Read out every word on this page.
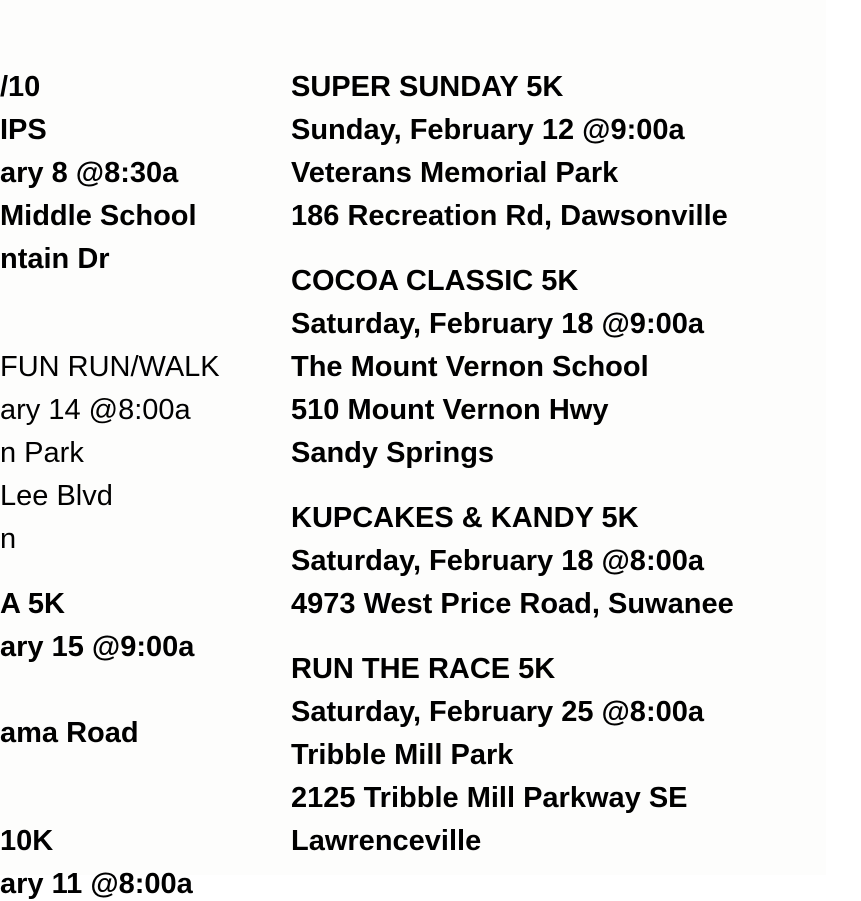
/10

IPS

ary 8 @8:30a

Middle School

ntain Dr

FUN RUN/WALK

ary 14 @8:00a

n Park

Lee Blvd

n

A 5K

ary 15 @9:00a

ama Road

10K

ary 11 @8:00a

SUPER SUNDAY 5K

Sunday, February 12 @9:00a

Veterans Memorial Park

186 Recreation Rd, Dawsonville

COCOA CLASSIC 5K

Saturday, February 18 @9:00a

The Mount Vernon School

510 Mount Vernon Hwy

Sandy Springs

KUPCAKES & KANDY 5K

Saturday, February 18 @8:00a

4973 West Price Road, Suwanee

RUN THE RACE 5K

Saturday, February 25 @8:00a

Tribble Mill Park

2125 Tribble Mill Parkway SE

Lawrenceville
